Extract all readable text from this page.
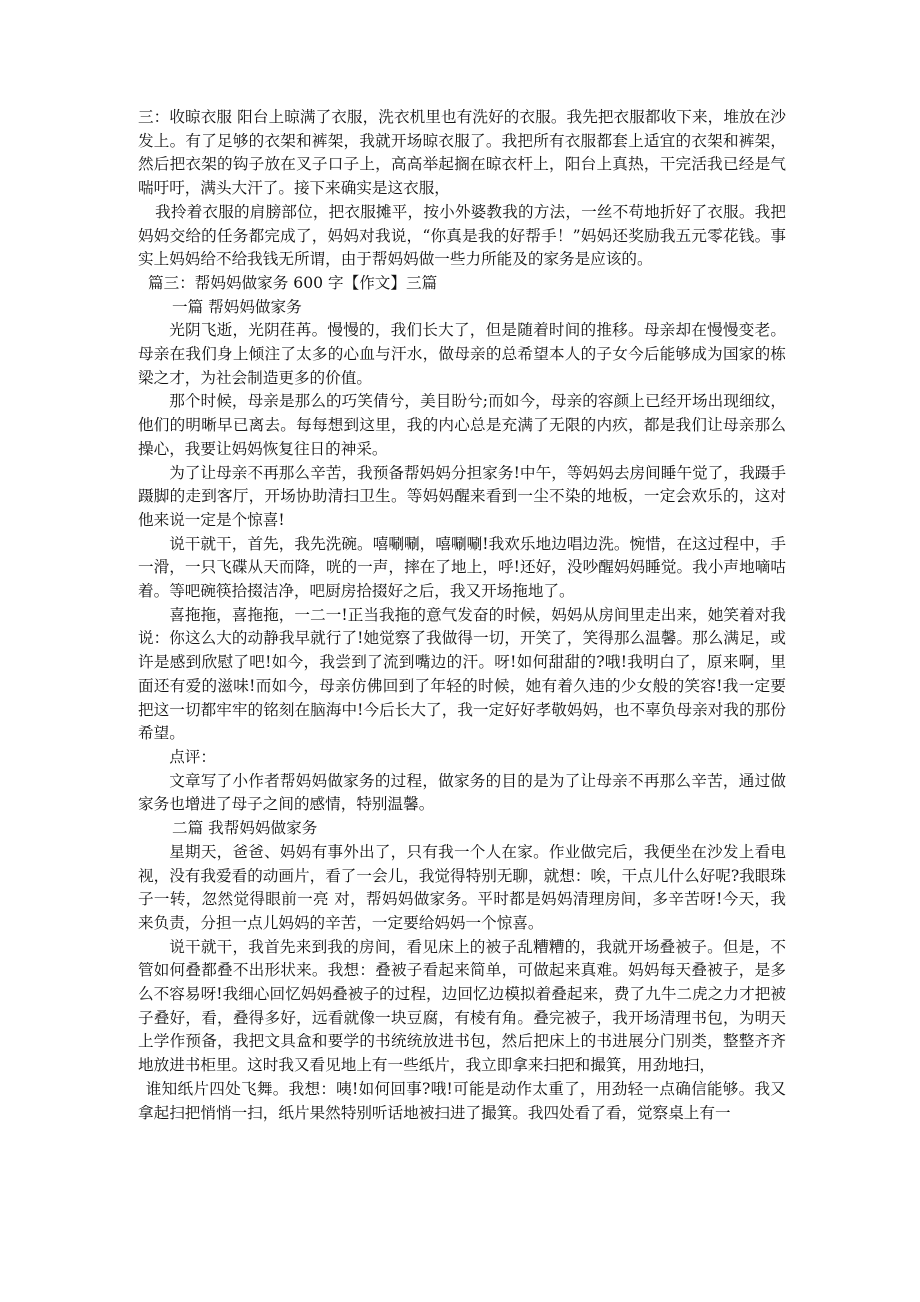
三：收晾衣服 阳台上晾满了衣服，洗衣机里也有洗好的衣服。我先把衣服都收下来，堆放在沙发上。有了足够的衣架和裤架，我就开场晾衣服了。我把所有衣服都套上适宜的衣架和裤架，然后把衣架的钩子放在叉子口子上，高高举起搁在晾衣杆上，阳台上真热，干完活我已经是气喘吁吁，满头大汗了。接下来确实是这衣服，

我拎着衣服的肩膀部位，把衣服摊平，按小外婆教我的方法，一丝不苟地折好了衣服。我把妈妈交给的任务都完成了，妈妈对我说，“你真是我的好帮手！”妈妈还奖励我五元零花钱。事实上妈妈给不给我钱无所谓，由于帮妈妈做一些力所能及的家务是应该的。

篇三：帮妈妈做家务 600 字【作文】三篇

一篇 帮妈妈做家务

光阴飞逝，光阴荏苒。慢慢的，我们长大了，但是随着时间的推移。母亲却在慢慢变老。母亲在我们身上倾注了太多的心血与汗水，做母亲的总希望本人的子女今后能够成为国家的栋梁之才，为社会制造更多的价值。

那个时候，母亲是那么的巧笑倩兮，美目盼兮;而如今，母亲的容颜上已经开场出现细纹，他们的明晰早已离去。每每想到这里，我的内心总是充满了无限的内疚，都是我们让母亲那么操心，我要让妈妈恢复往日的神采。

为了让母亲不再那么辛苦，我预备帮妈妈分担家务!中午，等妈妈去房间睡午觉了，我蹑手蹑脚的走到客厅，开场协助清扫卫生。等妈妈醒来看到一尘不染的地板，一定会欢乐的，这对他来说一定是个惊喜!

说干就干，首先，我先洗碗。嘻唰唰，嘻唰唰!我欢乐地边唱边洗。惋惜，在这过程中，手一滑，一只飞碟从天而降，咣的一声，摔在了地上，呼!还好，没吵醒妈妈睡觉。我小声地嘀咕着。等吧碗筷拾掇洁净，吧厨房拾掇好之后，我又开场拖地了。

喜拖拖，喜拖拖，一二一!正当我拖的意气发奋的时候，妈妈从房间里走出来，她笑着对我说：你这么大的动静我早就行了!她觉察了我做得一切，开笑了，笑得那么温馨。那么满足，或许是感到欣慰了吧!如今，我尝到了流到嘴边的汗。呀!如何甜甜的?哦!我明白了，原来啊，里面还有爱的滋味!而如今，母亲仿佛回到了年轻的时候，她有着久违的少女般的笑容!我一定要把这一切都牢牢的铭刻在脑海中!今后长大了，我一定好好孝敬妈妈，也不辜负母亲对我的那份希望。

点评：

文章写了小作者帮妈妈做家务的过程，做家务的目的是为了让母亲不再那么辛苦，通过做家务也增进了母子之间的感情，特别温馨。

二篇 我帮妈妈做家务

星期天，爸爸、妈妈有事外出了，只有我一个人在家。作业做完后，我便坐在沙发上看电视，没有我爱看的动画片，看了一会儿，我觉得特别无聊，就想：唉，干点儿什么好呢?我眼珠子一转，忽然觉得眼前一亮 对，帮妈妈做家务。平时都是妈妈清理房间，多辛苦呀!今天，我来负责，分担一点儿妈妈的辛苦，一定要给妈妈一个惊喜。

说干就干，我首先来到我的房间，看见床上的被子乱糟糟的，我就开场叠被子。但是，不管如何叠都叠不出形状来。我想：叠被子看起来简单，可做起来真难。妈妈每天叠被子，是多么不容易呀!我细心回忆妈妈叠被子的过程，边回忆边模拟着叠起来，费了九牛二虎之力才把被子叠好，看，叠得多好，远看就像一块豆腐，有棱有角。叠完被子，我开场清理书包，为明天上学作预备，我把文具盒和要学的书统统放进书包，然后把床上的书进展分门别类，整整齐齐地放进书柜里。这时我又看见地上有一些纸片，我立即拿来扫把和撮箕，用劲地扫，

谁知纸片四处飞舞。我想：咦!如何回事?哦!可能是动作太重了，用劲轻一点确信能够。我又拿起扫把悄悄一扫，纸片果然特别听话地被扫进了撮箕。我四处看了看，觉察桌上有一
